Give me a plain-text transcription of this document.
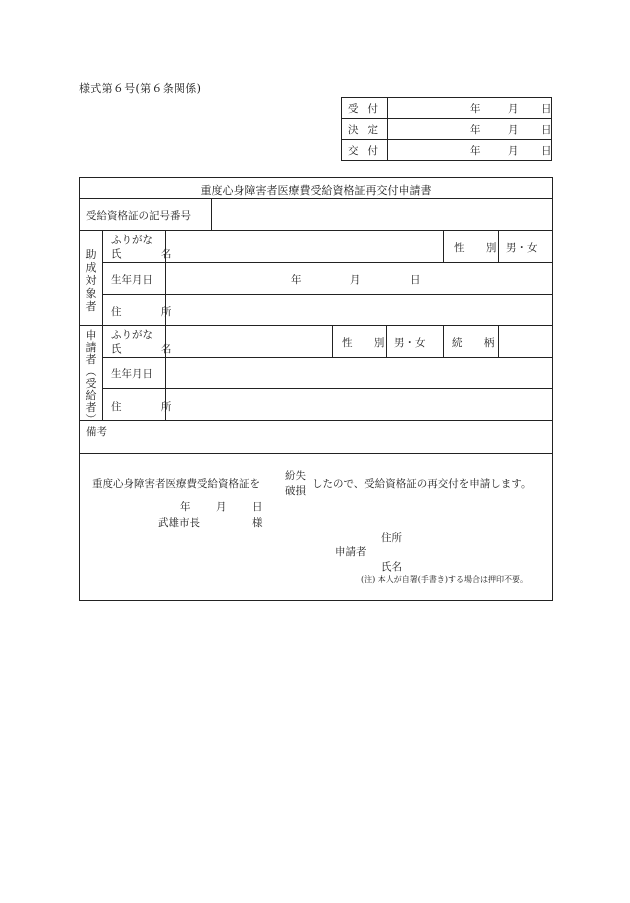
様式第６号(第６条関係)
受付	年 月 日

決定	年 月 日

交付	年 月 日
重度心身障害者医療費受給資格証再交付申請書
受給資格証の記号番号
助
成
対
象
者
ふりがな
氏 名	性 別 男・女
生年月日	年	月	日
住 所
申
請
者
︵
受
給
者
︶
ふりがな
氏 名	性 別 男・女	続 柄
生年月日
住 所
備考
重度心身障害者医療費受給資格証を
紛失
破損
したので、受給資格証の再交付を申請します。
年 月 日
武雄市長	様
住所
申請者
氏名
(注) 本人が自署(手書き)する場合は押印不要。
